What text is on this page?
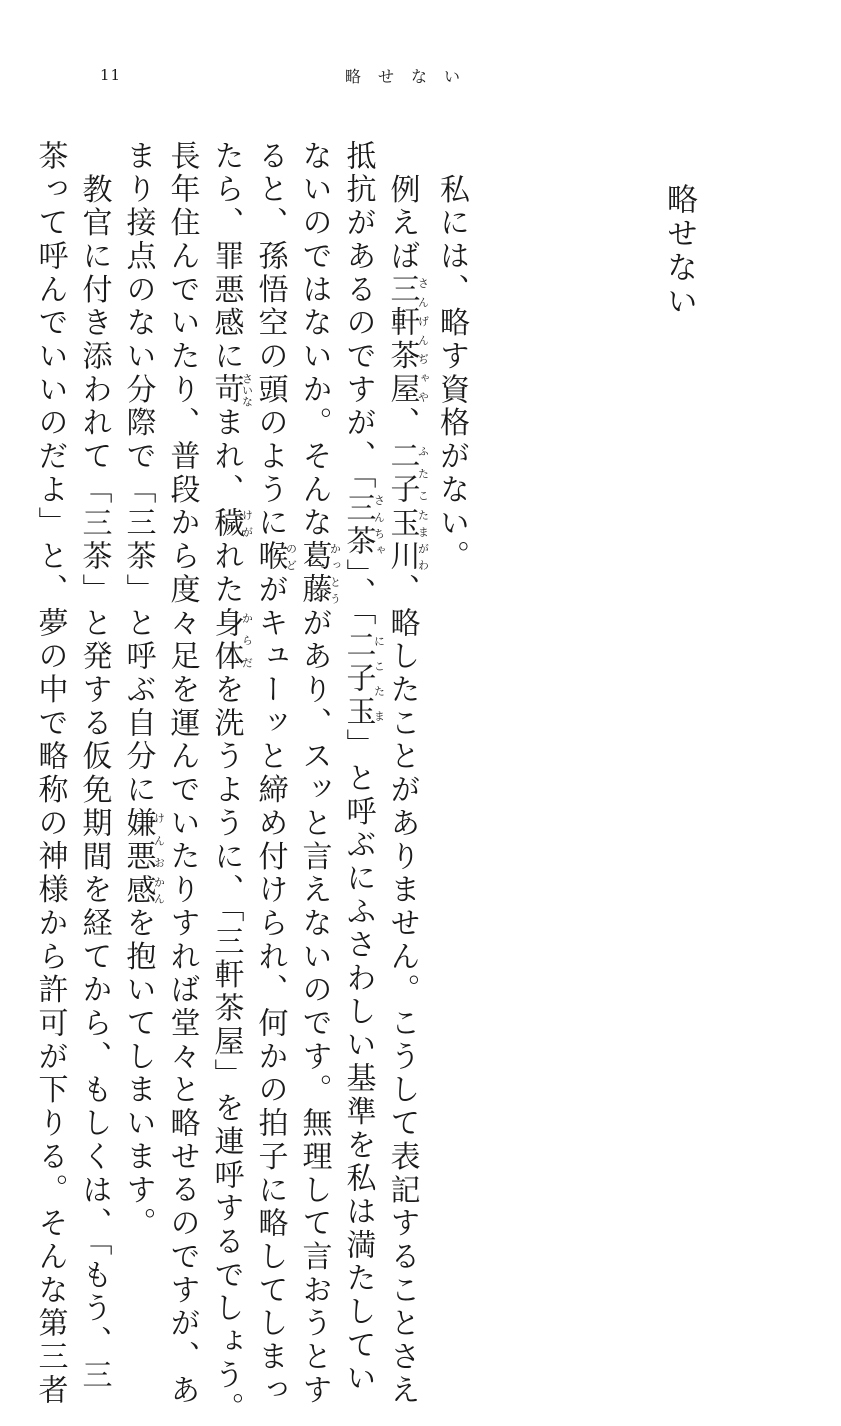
11	略せない
略せない

　私には、略す資格がない。

　例えば三軒茶屋さんげんぢゃや、二子ふたこ玉川たまがわ、略したことがありません。こうして表記することさえ
抵抗があるのですが、「三茶さんちゃ」、「二子玉にこたま」と呼ぶにふさわしい基準を私は満たしてい
ないのではないか。そんな葛藤かっとうがあり、スッと言えないのです。無理して言おうとす
ると、孫悟空の頭のように喉のどがキューッと締め付けられ、何かの拍子に略してしまっ
たら、罪悪感に苛さいなまれ、穢けがれた身体からだを洗うように、「三軒茶屋」を連呼するでしょう。

長年住んでいたり、普段から度々足を運んでいたりすれば堂々と略せるのですが、あ
まり接点のない分際で「三茶」と呼ぶ自分に嫌悪けんお感かんを抱いてしまいます。

　教官に付き添われて「三茶」と発する仮免期間を経てから、もしくは、「もう、三
茶って呼んでいいのだよ」と、夢の中で略称の神様から許可が下りる。そんな第三者
